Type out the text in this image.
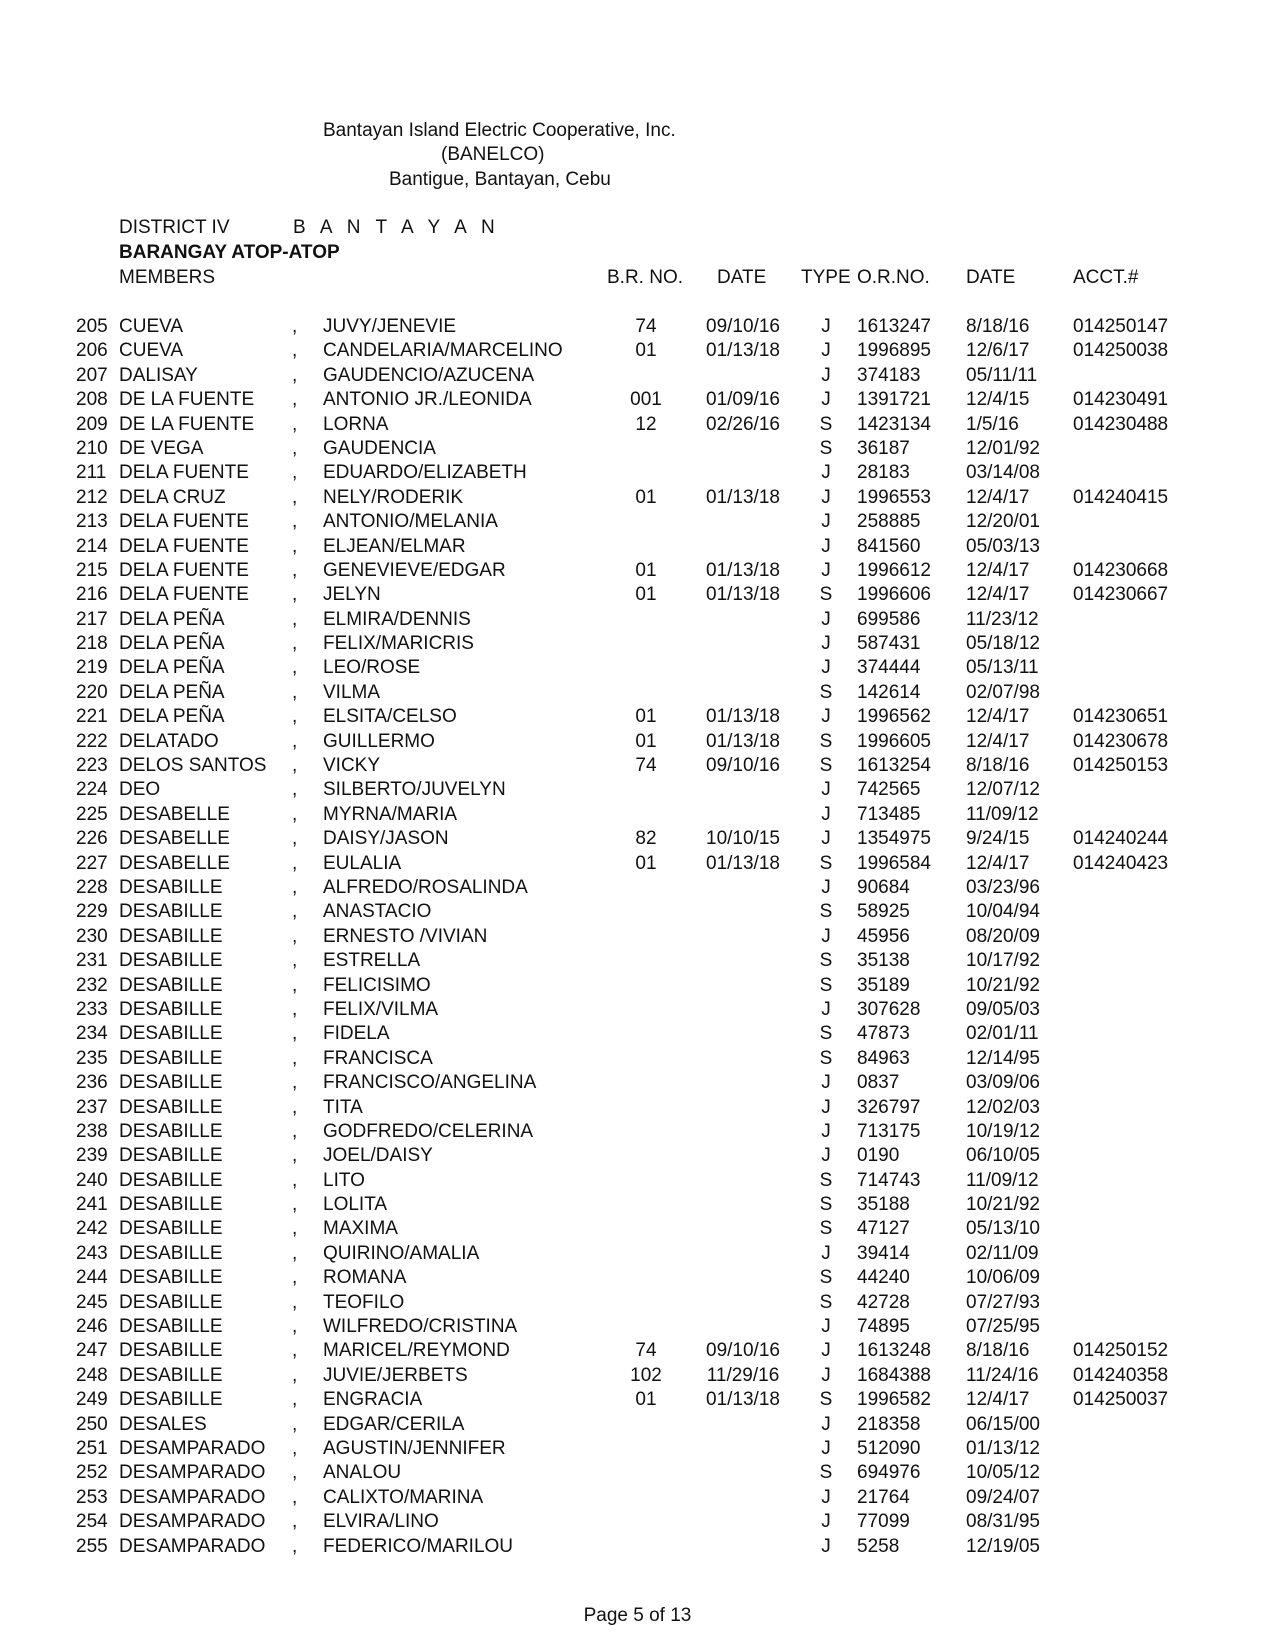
Bantayan Island Electric Cooperative, Inc.
(BANELCO)
Bantigue, Bantayan, Cebu
DISTRICT IV	B A N T A Y A N
BARANGAY ATOP-ATOP
MEMBERS	B.R. NO. DATE TYPE O.R.NO. DATE	ACCT.#
205 CUEVA	, JUVY/JENEVIE	74	09/10/16 J 1613247 8/18/16 014250147
206 CUEVA	, CANDELARIA/MARCELINO	01	01/13/18 J 1996895 12/6/17 014250038
207 DALISAY	, GAUDENCIO/AZUCENA	J 374183 05/11/11
208 DE LA FUENTE , ANTONIO JR./LEONIDA	001 01/09/16 J 1391721 12/4/15 014230491
209 DE LA FUENTE , LORNA	12	02/26/16 S 1423134 1/5/16	014230488
210 DE VEGA	, GAUDENCIA	S 36187	12/01/92
211 DELA FUENTE , EDUARDO/ELIZABETH	J 28183	03/14/08
212 DELA CRUZ	, NELY/RODERIK	01	01/13/18 J 1996553 12/4/17 014240415
213 DELA FUENTE , ANTONIO/MELANIA	J 258885 12/20/01
214 DELA FUENTE , ELJEAN/ELMAR	J 841560 05/03/13
215 DELA FUENTE , GENEVIEVE/EDGAR	01	01/13/18 J 1996612 12/4/17 014230668
216 DELA FUENTE , JELYN	01	01/13/18 S 1996606 12/4/17 014230667
217 DELA PEÑA	, ELMIRA/DENNIS	J 699586 11/23/12
218 DELA PEÑA	, FELIX/MARICRIS	J 587431 05/18/12
219 DELA PEÑA	, LEO/ROSE	J 374444 05/13/11
220 DELA PEÑA	, VILMA	S 142614 02/07/98
221 DELA PEÑA	, ELSITA/CELSO	01	01/13/18 J 1996562 12/4/17 014230651
222 DELATADO	, GUILLERMO	01	01/13/18 S 1996605 12/4/17 014230678
223 DELOS SANTOS , VICKY	74	09/10/16 S 1613254 8/18/16 014250153
224 DEO	, SILBERTO/JUVELYN	J 742565 12/07/12
225 DESABELLE	, MYRNA/MARIA	J 713485 11/09/12
226 DESABELLE	, DAISY/JASON	82	10/10/15 J 1354975 9/24/15 014240244
227 DESABELLE	, EULALIA	01	01/13/18 S 1996584 12/4/17 014240423
228 DESABILLE	, ALFREDO/ROSALINDA	J 90684	03/23/96
229 DESABILLE	, ANASTACIO	S 58925	10/04/94
230 DESABILLE	, ERNESTO /VIVIAN	J 45956	08/20/09
231 DESABILLE	, ESTRELLA	S 35138	10/17/92
232 DESABILLE	, FELICISIMO	S 35189	10/21/92
233 DESABILLE	, FELIX/VILMA	J 307628 09/05/03
234 DESABILLE	, FIDELA	S 47873	02/01/11
235 DESABILLE	, FRANCISCA	S 84963	12/14/95
236 DESABILLE	, FRANCISCO/ANGELINA	J 0837	03/09/06
237 DESABILLE	, TITA	J 326797 12/02/03
238 DESABILLE	, GODFREDO/CELERINA	J 713175 10/19/12
239 DESABILLE	, JOEL/DAISY	J 0190	06/10/05
240 DESABILLE	, LITO	S 714743 11/09/12
241 DESABILLE	, LOLITA	S 35188	10/21/92
242 DESABILLE	, MAXIMA	S 47127	05/13/10
243 DESABILLE	, QUIRINO/AMALIA	J 39414	02/11/09
244 DESABILLE	, ROMANA	S 44240	10/06/09
245 DESABILLE	, TEOFILO	S 42728	07/27/93
246 DESABILLE	, WILFREDO/CRISTINA	J 74895	07/25/95
247 DESABILLE	, MARICEL/REYMOND	74	09/10/16 J 1613248 8/18/16 014250152
248 DESABILLE	, JUVIE/JERBETS	102 11/29/16 J 1684388 11/24/16 014240358
249 DESABILLE	, ENGRACIA	01	01/13/18 S 1996582 12/4/17 014250037
250 DESALES	, EDGAR/CERILA	J 218358 06/15/00
251 DESAMPARADO , AGUSTIN/JENNIFER	J 512090 01/13/12
252 DESAMPARADO , ANALOU	S 694976 10/05/12
253 DESAMPARADO , CALIXTO/MARINA	J 21764	09/24/07
254 DESAMPARADO , ELVIRA/LINO	J 77099	08/31/95
255 DESAMPARADO , FEDERICO/MARILOU	J 5258	12/19/05
Page 5 of 13
